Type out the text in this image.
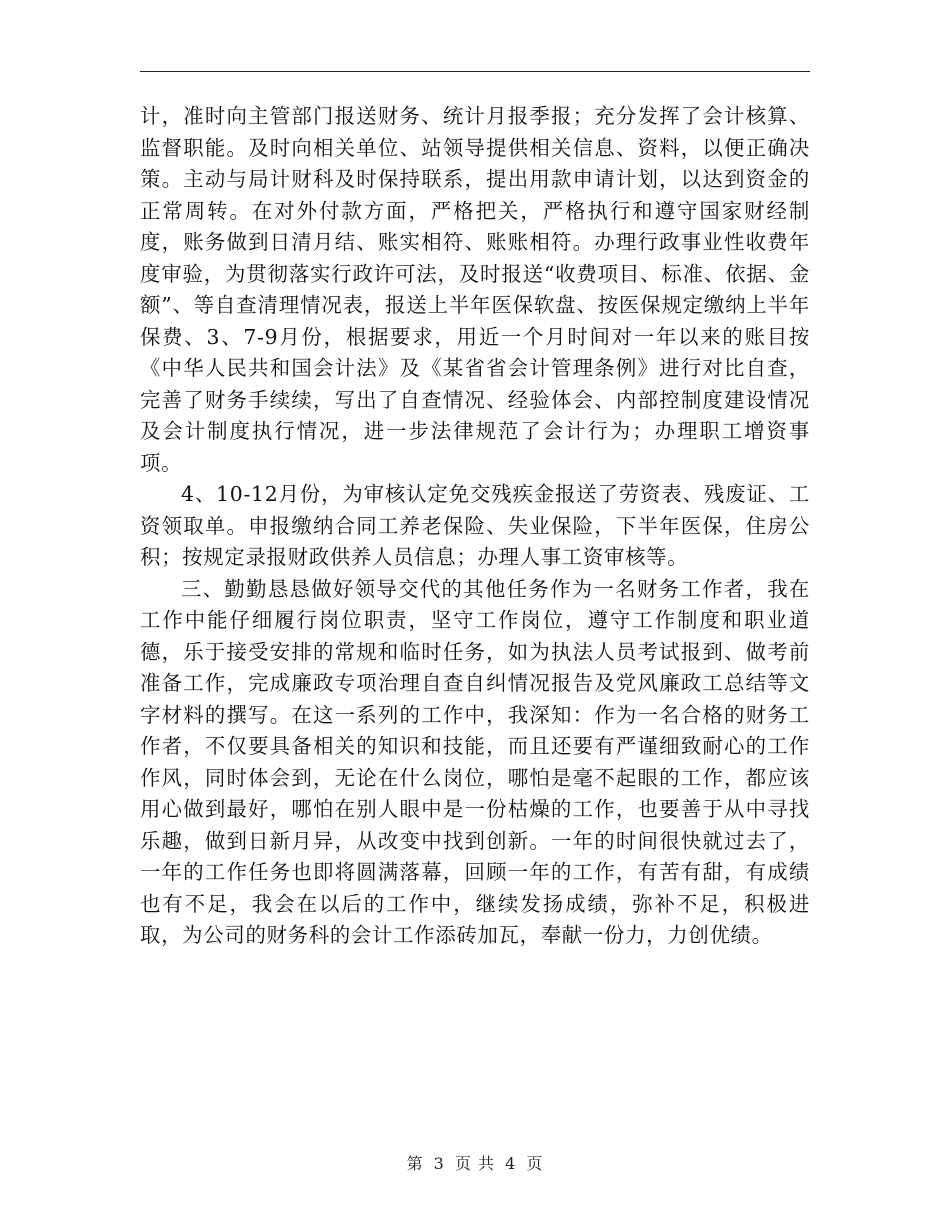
计，准时向主管部门报送财务、统计月报季报；充分发挥了会计核算、监督职能。及时向相关单位、站领导提供相关信息、资料，以便正确决策。主动与局计财科及时保持联系，提出用款申请计划，以达到资金的正常周转。在对外付款方面，严格把关，严格执行和遵守国家财经制度，账务做到日清月结、账实相符、账账相符。办理行政事业性收费年度审验，为贯彻落实行政许可法，及时报送“收费项目、标准、依据、金额”、等自查清理情况表，报送上半年医保软盘、按医保规定缴纳上半年保费、3、7-9月份，根据要求，用近一个月时间对一年以来的账目按《中华人民共和国会计法》及《某省省会计管理条例》进行对比自查，完善了财务手续续，写出了自查情况、经验体会、内部控制度建设情况及会计制度执行情况，进一步法律规范了会计行为；办理职工增资事项。

4、10-12月份，为审核认定免交残疾金报送了劳资表、残废证、工资领取单。申报缴纳合同工养老保险、失业保险，下半年医保，住房公积；按规定录报财政供养人员信息；办理人事工资审核等。

三、勤勤恳恳做好领导交代的其他任务作为一名财务工作者，我在工作中能仔细履行岗位职责，坚守工作岗位，遵守工作制度和职业道德，乐于接受安排的常规和临时任务，如为执法人员考试报到、做考前准备工作，完成廉政专项治理自查自纠情况报告及党风廉政工总结等文字材料的撰写。在这一系列的工作中，我深知：作为一名合格的财务工作者，不仅要具备相关的知识和技能，而且还要有严谨细致耐心的工作作风，同时体会到，无论在什么岗位，哪怕是毫不起眼的工作，都应该用心做到最好，哪怕在别人眼中是一份枯燥的工作，也要善于从中寻找乐趣，做到日新月异，从改变中找到创新。一年的时间很快就过去了，一年的工作任务也即将圆满落幕，回顾一年的工作，有苦有甜，有成绩也有不足，我会在以后的工作中，继续发扬成绩，弥补不足，积极进取，为公司的财务科的会计工作添砖加瓦，奉献一份力，力创优绩。

第 3 页 共 4 页
